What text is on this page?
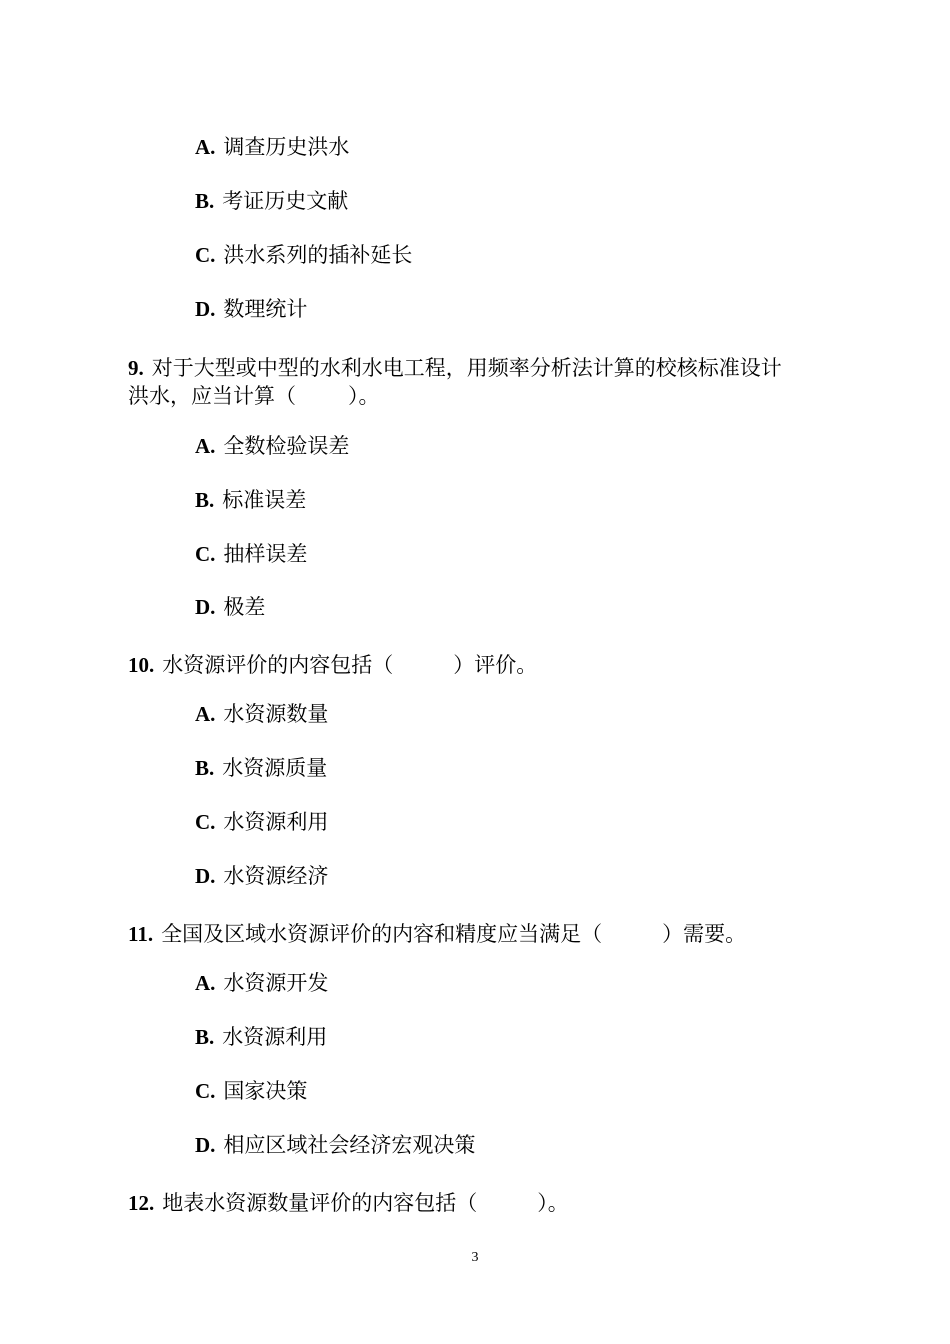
A. 调查历史洪水
B. 考证历史文献
C. 洪水系列的插补延长
D. 数理统计
9. 对于大型或中型的水利水电工程，用频率分析法计算的校核标准设计
洪水，应当计算（ ）。
A. 全数检验误差
B. 标准误差
C. 抽样误差
D. 极差
10. 水资源评价的内容包括（	）评价。
A. 水资源数量
B. 水资源质量
C. 水资源利用
D. 水资源经济
11. 全国及区域水资源评价的内容和精度应当满足（	）需要。
A. 水资源开发
B. 水资源利用
C. 国家决策
D. 相应区域社会经济宏观决策
12. 地表水资源数量评价的内容包括（	）。
3
